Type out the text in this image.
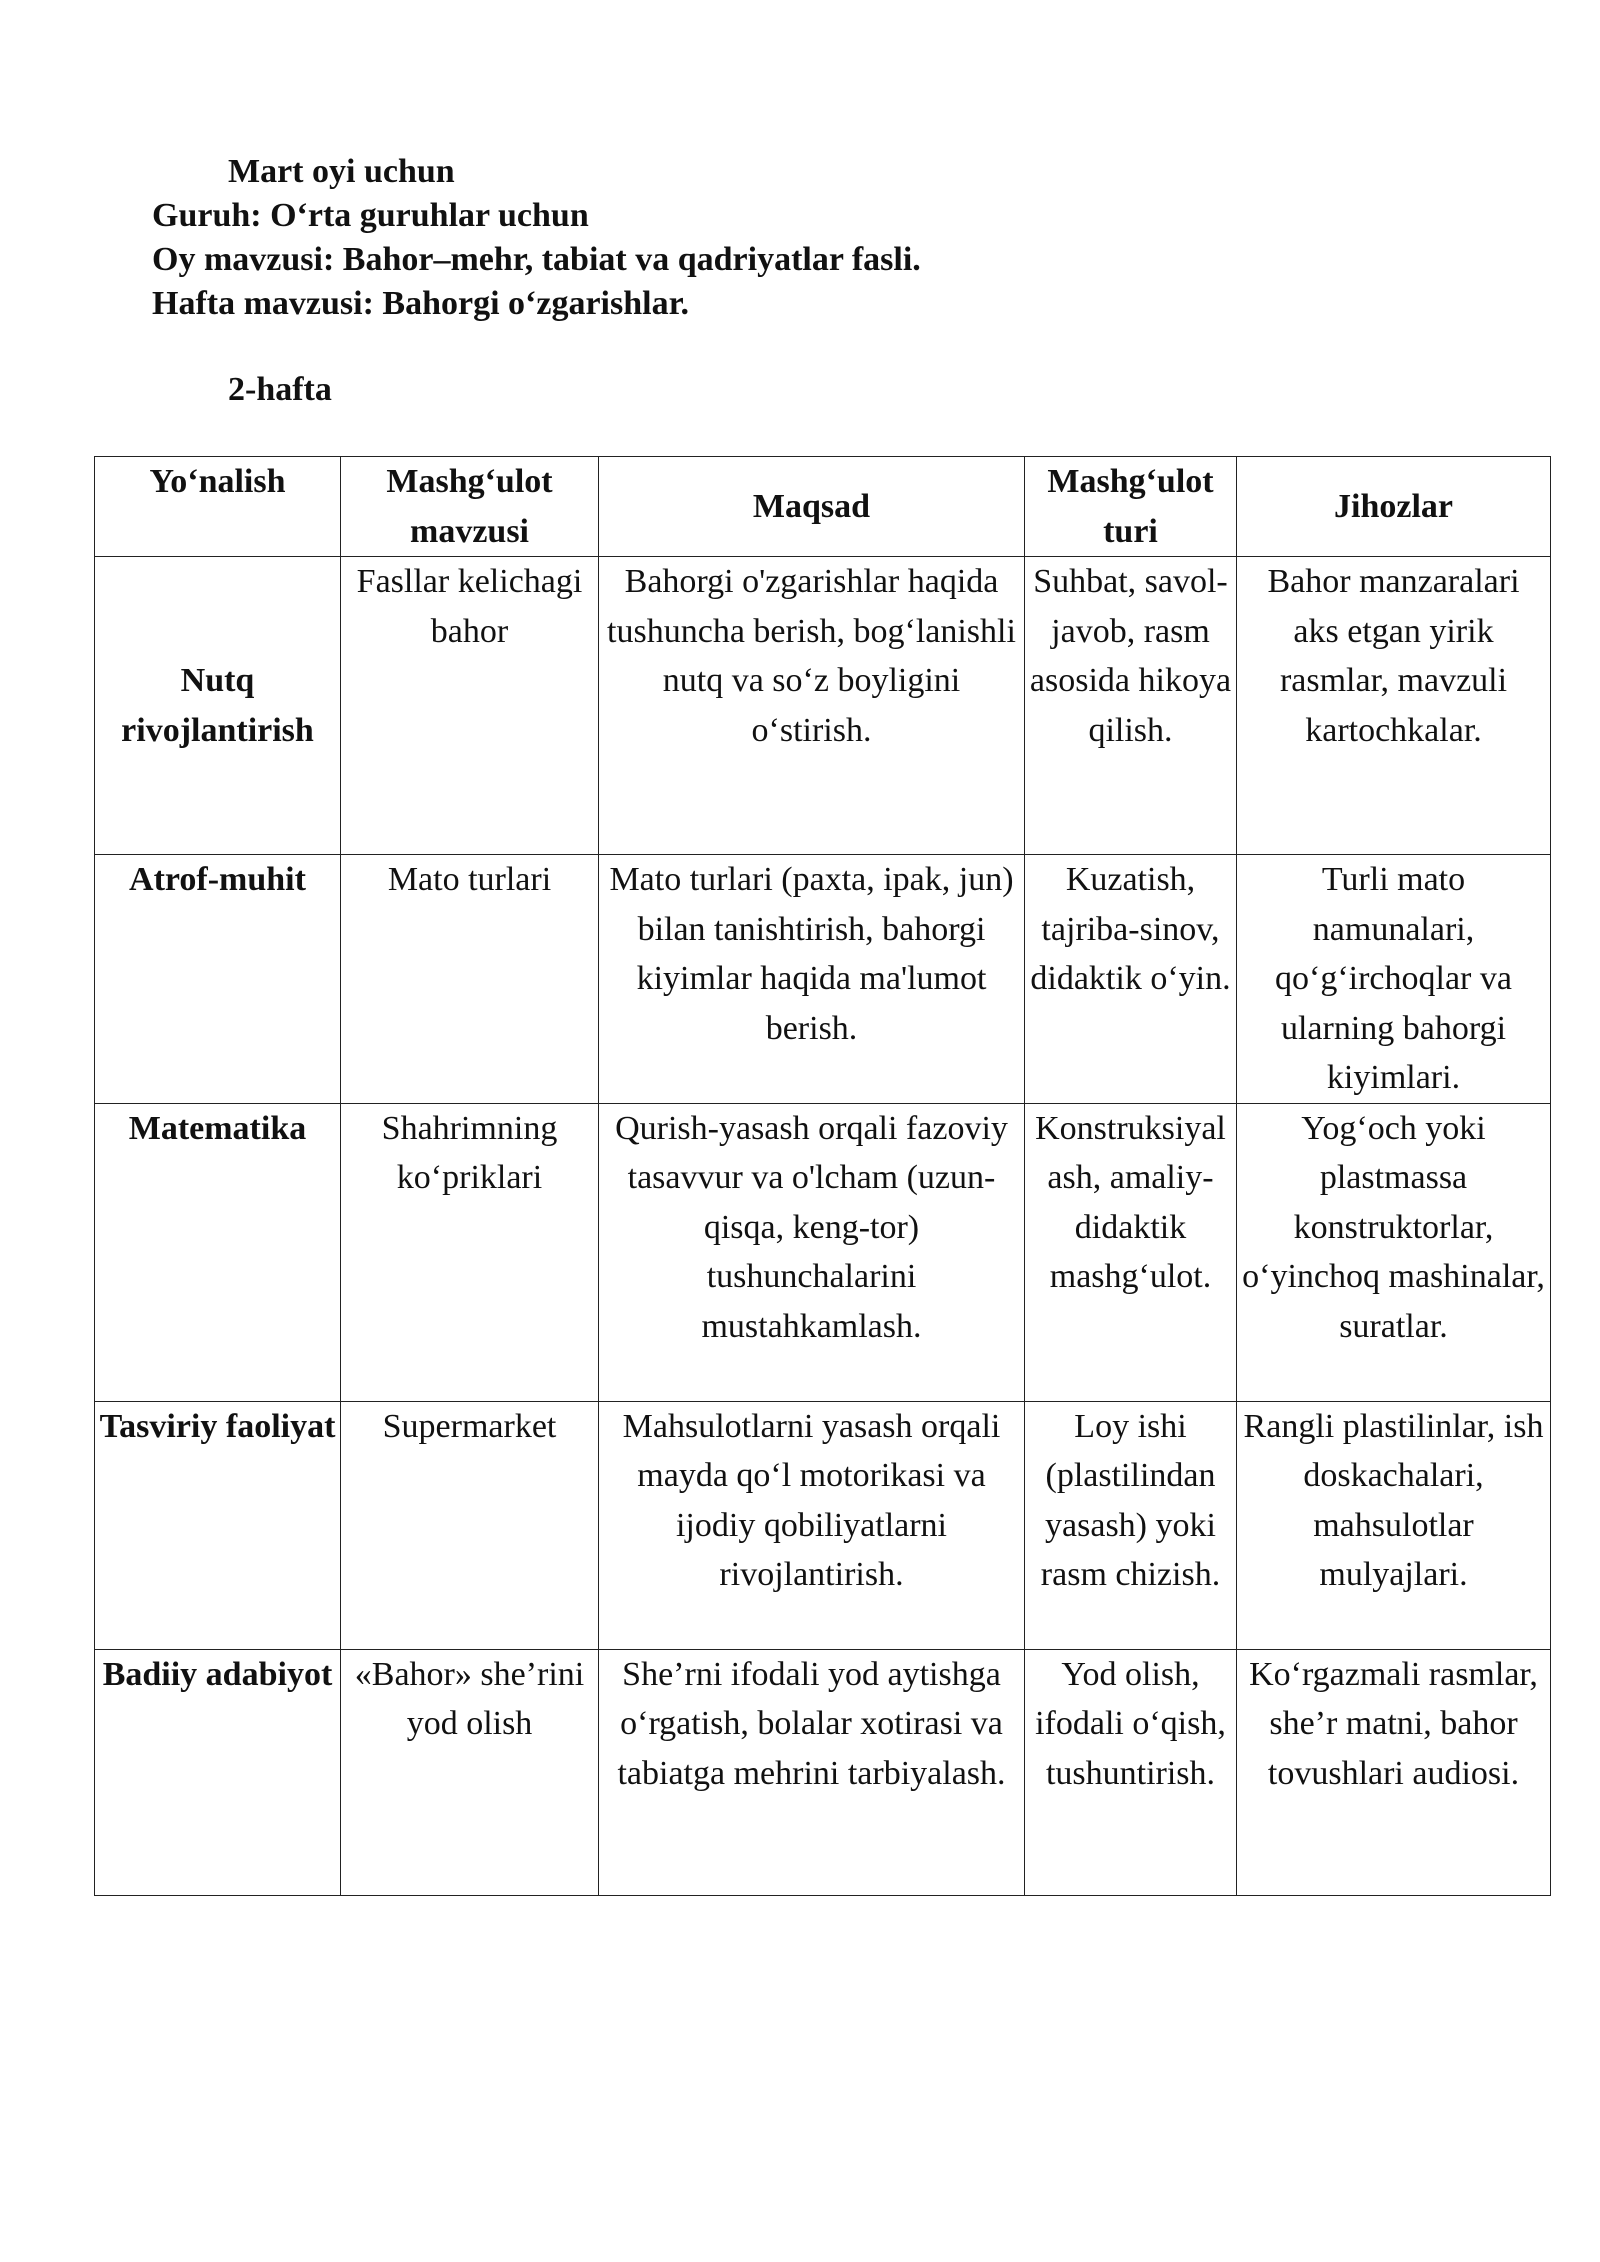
Mart oyi uchun
Guruh: O‘rta guruhlar uchun
Oy mavzusi: Bahor–mehr, tabiat va qadriyatlar fasli.
Hafta mavzusi: Bahorgi o‘zgarishlar.
2-hafta
Yo‘nalish	Mashg‘ulot mavzusi	Maqsad	Mashg‘ulot turi	Jihozlar
Nutq rivojlantirish	Fasllar kelichagi bahor	Bahorgi o'zgarishlar haqida tushuncha berish, bog‘lanishli nutq va so‘z boyligini o‘stirish.	Suhbat, savol-javob, rasm asosida hikoya qilish.	Bahor manzaralari aks etgan yirik rasmlar, mavzuli kartochkalar.
Atrof-muhit	Mato turlari	Mato turlari (paxta, ipak, jun) bilan tanishtirish, bahorgi kiyimlar haqida ma'lumot berish.	Kuzatish, tajriba-sinov, didaktik o‘yin.	Turli mato namunalari, qo‘g‘irchoqlar va ularning bahorgi kiyimlari.
Matematika	Shahrimning ko‘priklari	Qurish-yasash orqali fazoviy tasavvur va o'lcham (uzun-qisqa, keng-tor) tushunchalarini mustahkamlash.	Konstruksiyalash, amaliy-didaktik mashg‘ulot.	Yog‘och yoki plastmassa konstruktorlar, o‘yinchoq mashinalar, suratlar.
Tasviriy faoliyat	Supermarket	Mahsulotlarni yasash orqali mayda qo‘l motorikasi va ijodiy qobiliyatlarni rivojlantirish.	Loy ishi (plastilindan yasash) yoki rasm chizish.	Rangli plastilinlar, ish doskachalari, mahsulotlar mulyajlari.
Badiiy adabiyot	«Bahor» she’rini yod olish	She’rni ifodali yod aytishga o‘rgatish, bolalar xotirasi va tabiatga mehrini tarbiyalash.	Yod olish, ifodali o‘qish, tushuntirish.	Ko‘rgazmali rasmlar, she’r matni, bahor tovushlari audiosi.
